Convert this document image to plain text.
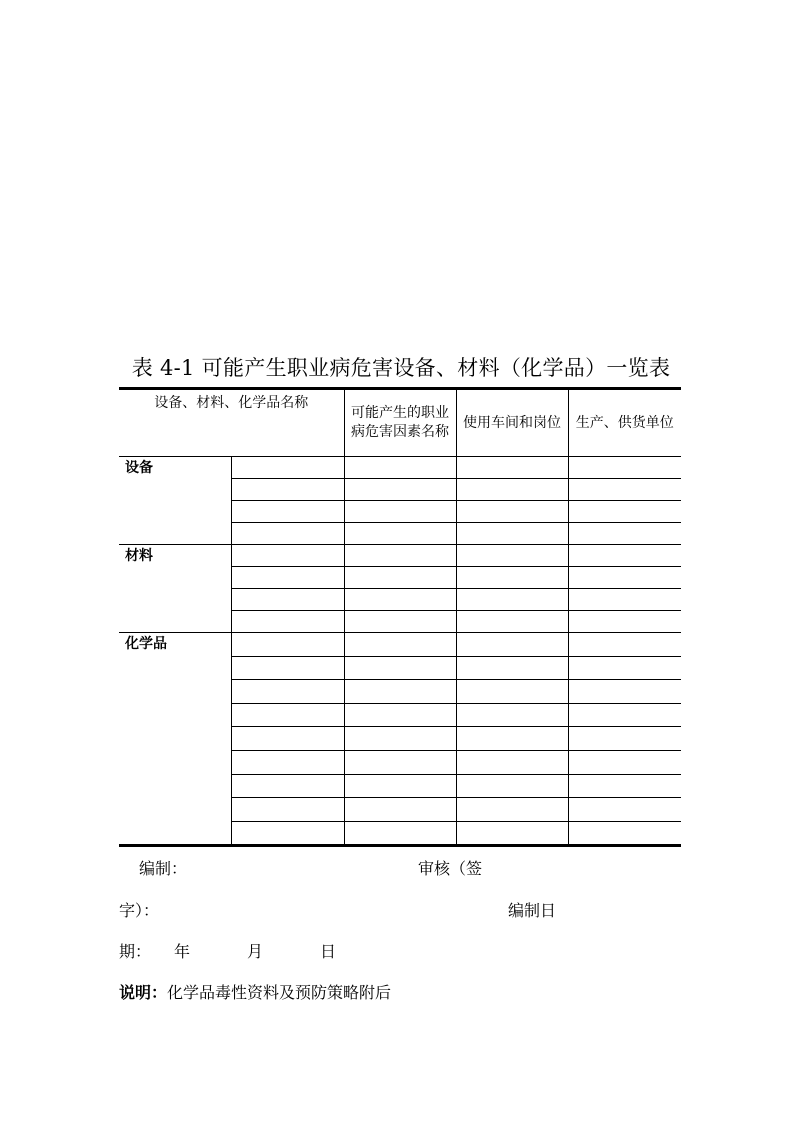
表 4-1 可能产生职业病危害设备、材料（化学品）一览表
设备、材料、化学品名称		可能产生的职业病危害因素名称	使用车间和岗位	生产、供货单位
设备				

材料				

化学品				

编制：	审核（签
字）：	编制日
期： 年	月	日
说明：化学品毒性资料及预防策略附后
